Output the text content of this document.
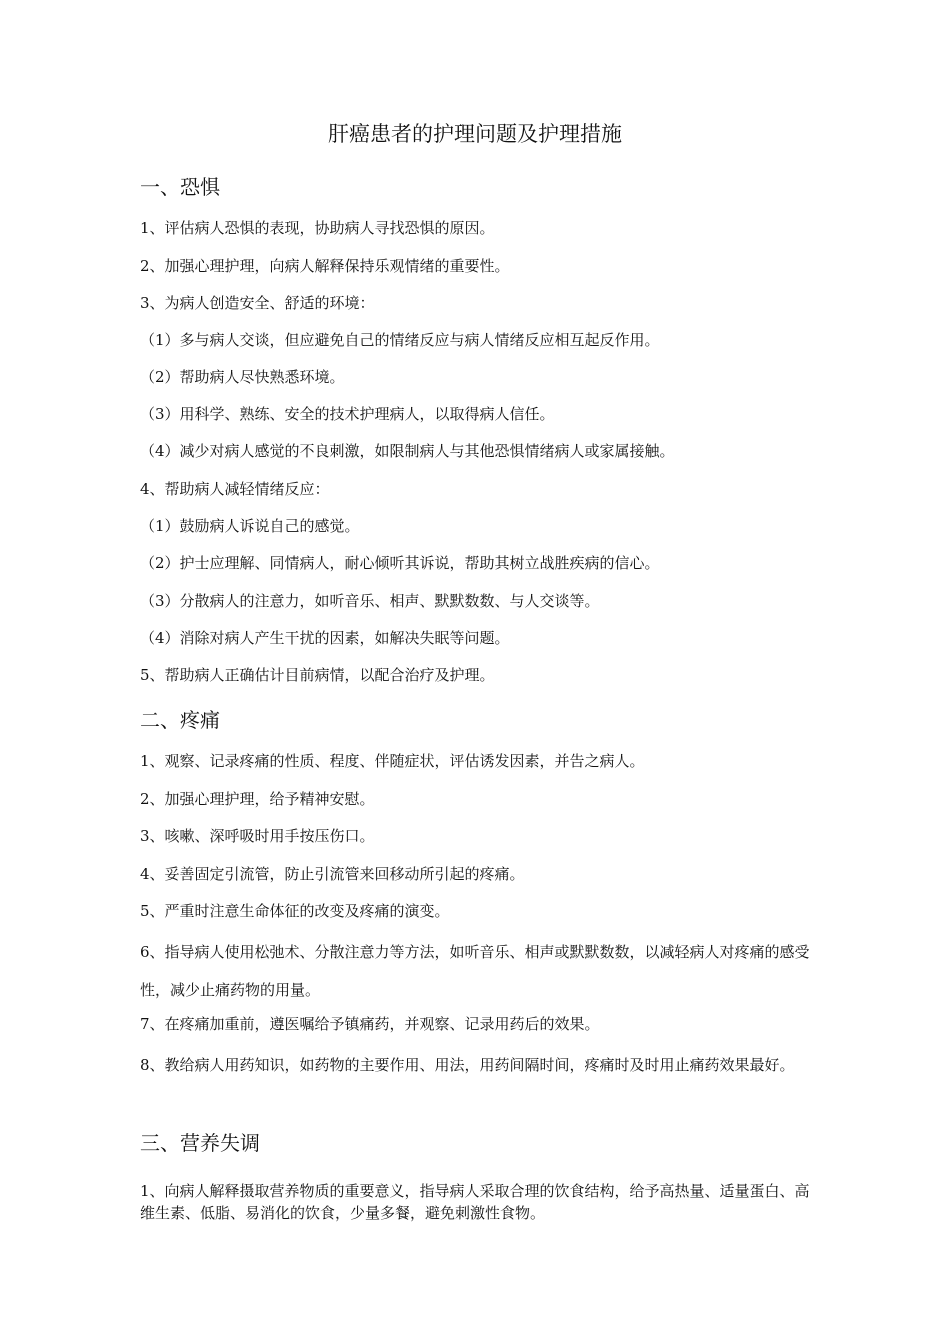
肝癌患者的护理问题及护理措施
一、恐惧
1、评估病人恐惧的表现，协助病人寻找恐惧的原因。
2、加强心理护理，向病人解释保持乐观情绪的重要性。
3、为病人创造安全、舒适的环境：
（1）多与病人交谈，但应避免自己的情绪反应与病人情绪反应相互起反作用。
（2）帮助病人尽快熟悉环境。
（3）用科学、熟练、安全的技术护理病人，以取得病人信任。
（4）减少对病人感觉的不良刺激，如限制病人与其他恐惧情绪病人或家属接触。
4、帮助病人减轻情绪反应：
（1）鼓励病人诉说自己的感觉。
（2）护士应理解、同情病人，耐心倾听其诉说，帮助其树立战胜疾病的信心。
（3）分散病人的注意力，如听音乐、相声、默默数数、与人交谈等。
（4）消除对病人产生干扰的因素，如解决失眠等问题。
5、帮助病人正确估计目前病情，以配合治疗及护理。
二、疼痛
1、观察、记录疼痛的性质、程度、伴随症状，评估诱发因素，并告之病人。
2、加强心理护理，给予精神安慰。
3、咳嗽、深呼吸时用手按压伤口。
4、妥善固定引流管，防止引流管来回移动所引起的疼痛。
5、严重时注意生命体征的改变及疼痛的演变。
6、指导病人使用松弛术、分散注意力等方法，如听音乐、相声或默默数数，以减轻病人对疼痛的感受性，减少止痛药物的用量。
7、在疼痛加重前，遵医嘱给予镇痛药，并观察、记录用药后的效果。
8、教给病人用药知识，如药物的主要作用、用法，用药间隔时间，疼痛时及时用止痛药效果最好。
三、营养失调
1、向病人解释摄取营养物质的重要意义，指导病人采取合理的饮食结构，给予高热量、适量蛋白、高维生素、低脂、易消化的饮食，少量多餐，避免刺激性食物。
